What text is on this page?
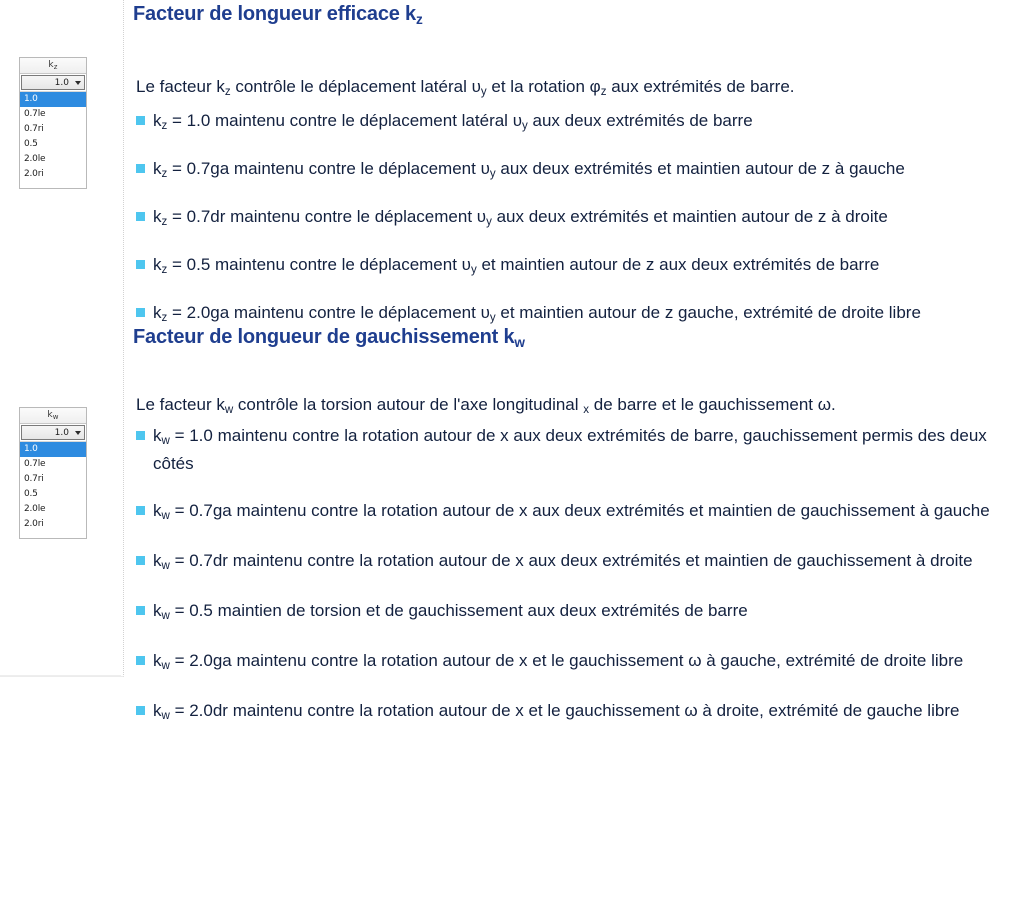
$k_z$
1.0
1.0
0.7le
0.7ri
0.5
2.0le
2.0ri
$k_w$
1.0
1.0
0.7le
0.7ri
0.5
2.0le
2.0ri
Facteur de longueur efficace $k_z$

Le facteur $k_z$ contrôle le déplacement latéral $\upsilon_y$ et la rotation $\varphi_z$ aux extrémités de barre.

$k_z = 1.0$ maintenu contre le déplacement latéral $\upsilon_y$ aux deux extrémités de barre
$k_z = 0.7ga$ maintenu contre le déplacement $\upsilon_y$ aux deux extrémités et maintien autour de z à gauche
$k_z = 0.7dr$ maintenu contre le déplacement $\upsilon_y$ aux deux extrémités et maintien autour de z à droite
$k_z = 0.5$ maintenu contre le déplacement $\upsilon_y$ et maintien autour de z aux deux extrémités de barre
$k_z = 2.0ga$ maintenu contre le déplacement $\upsilon_y$ et maintien autour de z gauche, extrémité de droite libre
Facteur de longueur de gauchissement $k_w$

Le facteur $k_w$ contrôle la torsion autour de l'axe longitudinal $_x$ de barre et le gauchissement ω.

$k_w = 1.0$ maintenu contre la rotation autour de x aux deux extrémités de barre, gauchissement permis des deux côtés
$k_w = 0.7ga$ maintenu contre la rotation autour de x aux deux extrémités et maintien de gauchissement à gauche
$k_w = 0.7dr$ maintenu contre la rotation autour de x aux deux extrémités et maintien de gauchissement à droite
$k_w = 0.5$ maintien de torsion et de gauchissement aux deux extrémités de barre
$k_w = 2.0ga$ maintenu contre la rotation autour de x et le gauchissement ω à gauche, extrémité de droite libre
$k_w = 2.0dr$ maintenu contre la rotation autour de x et le gauchissement ω à droite, extrémité de gauche libre
